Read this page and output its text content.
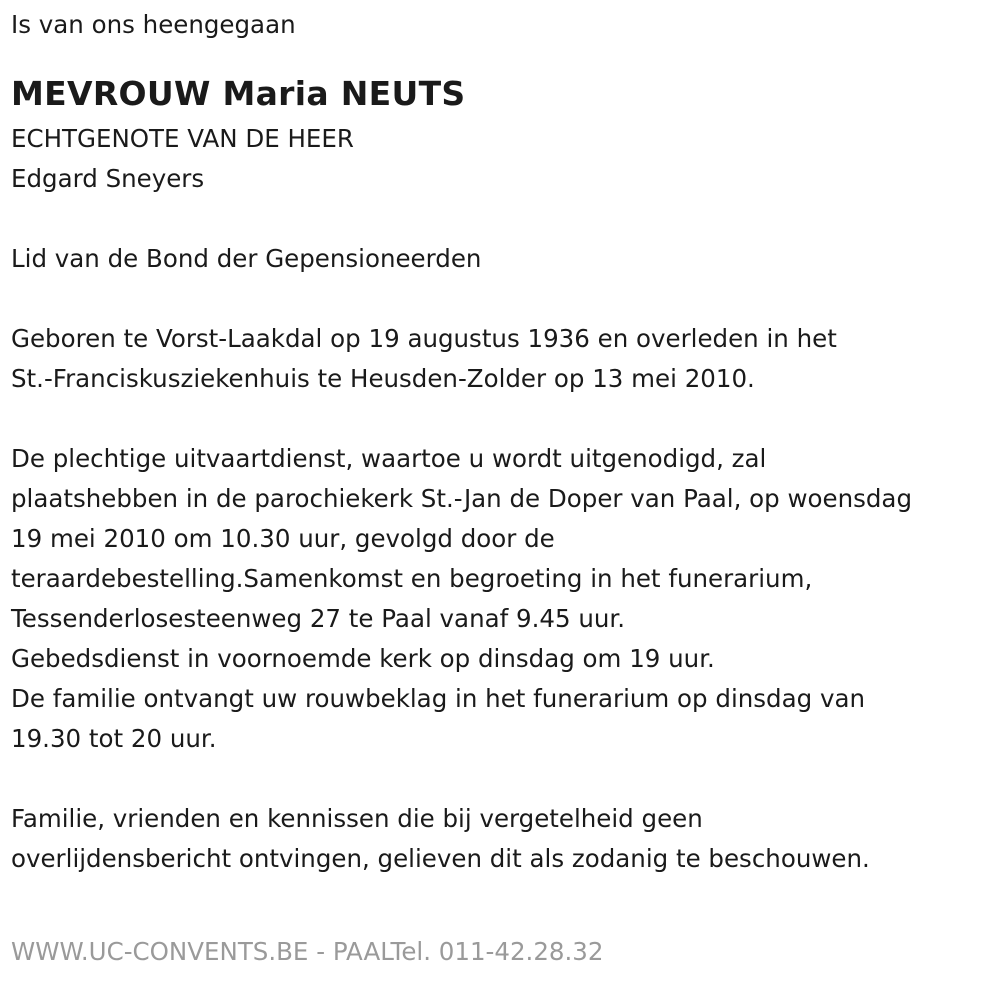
Is van ons heengegaan

MEVROUW Maria NEUTS

ECHTGENOTE VAN DE HEER

Edgard Sneyers

Lid van de Bond der Gepensioneerden

Geboren te Vorst-Laakdal op 19 augustus 1936 en overleden in het

St.-Franciskusziekenhuis te Heusden-Zolder op 13 mei 2010.

De plechtige uitvaartdienst, waartoe u wordt uitgenodigd, zal

plaatshebben in de parochiekerk St.-Jan de Doper van Paal, op woensdag

19 mei 2010 om 10.30 uur, gevolgd door de

teraardebestelling.Samenkomst en begroeting in het funerarium,

Tessenderlosesteenweg 27 te Paal vanaf 9.45 uur.

Gebedsdienst in voornoemde kerk op dinsdag om 19 uur.

De familie ontvangt uw rouwbeklag in het funerarium op dinsdag van

19.30 tot 20 uur.

Familie, vrienden en kennissen die bij vergetelheid geen

overlijdensbericht ontvingen, gelieven dit als zodanig te beschouwen.

WWW.UC-CONVENTS.BE - PAALTel. 011-42.28.32
